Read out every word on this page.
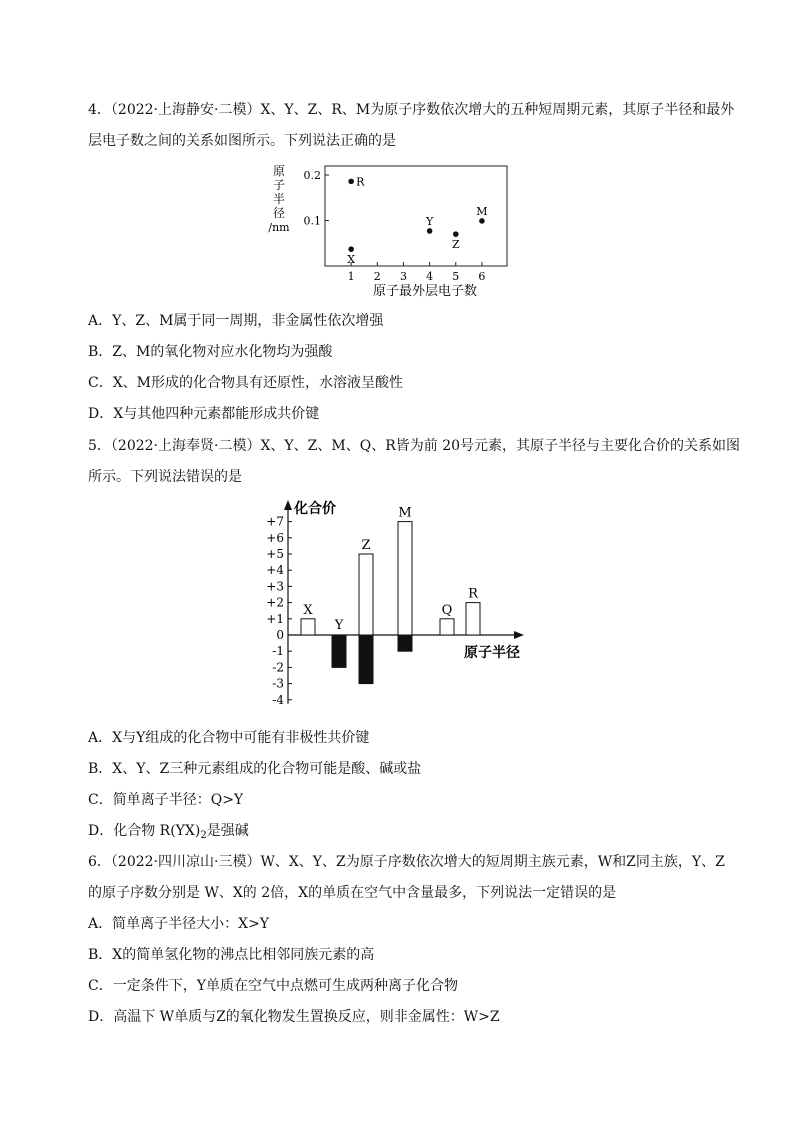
4．（2022·上海静安·二模）X、Y、Z、R、M为原子序数依次增大的五种短周期元素，其原子半径和最外
层电子数之间的关系如图所示。下列说法正确的是
原
子
半
径
/nm 0.1
0.2
1 2 3 4 5 6
X
R
Y
Z
M
原子最外层电子数
A．Y、Z、M属于同一周期，非金属性依次增强
B．Z、M的氧化物对应水化物均为强酸
C．X、M形成的化合物具有还原性，水溶液呈酸性
D．X与其他四种元素都能形成共价键
5．（2022·上海奉贤·二模）X、Y、Z、M、Q、R皆为前 20号元素，其原子半径与主要化合价的关系如图
所示。下列说法错误的是
+7
+6
+5
+4
+3
+2
+1
0
-1
-2
-3
-4
X
Y
Z
M
Q
R
化合价
原子半径
A．X与Y组成的化合物中可能有非极性共价键
B．X、Y、Z三种元素组成的化合物可能是酸、碱或盐
C．简单离子半径：Q>Y
D．化合物 $R(YX)_2$是强碱
6．（2022·四川凉山·三模）W、X、Y、Z为原子序数依次增大的短周期主族元素，W和Z同主族，Y、Z
的原子序数分别是 W、X的 2倍，X的单质在空气中含量最多，下列说法一定错误的是
A．简单离子半径大小：X>Y
B．X的简单氢化物的沸点比相邻同族元素的高
C．一定条件下，Y单质在空气中点燃可生成两种离子化合物
D．高温下 W单质与Z的氧化物发生置换反应，则非金属性：W>Z
